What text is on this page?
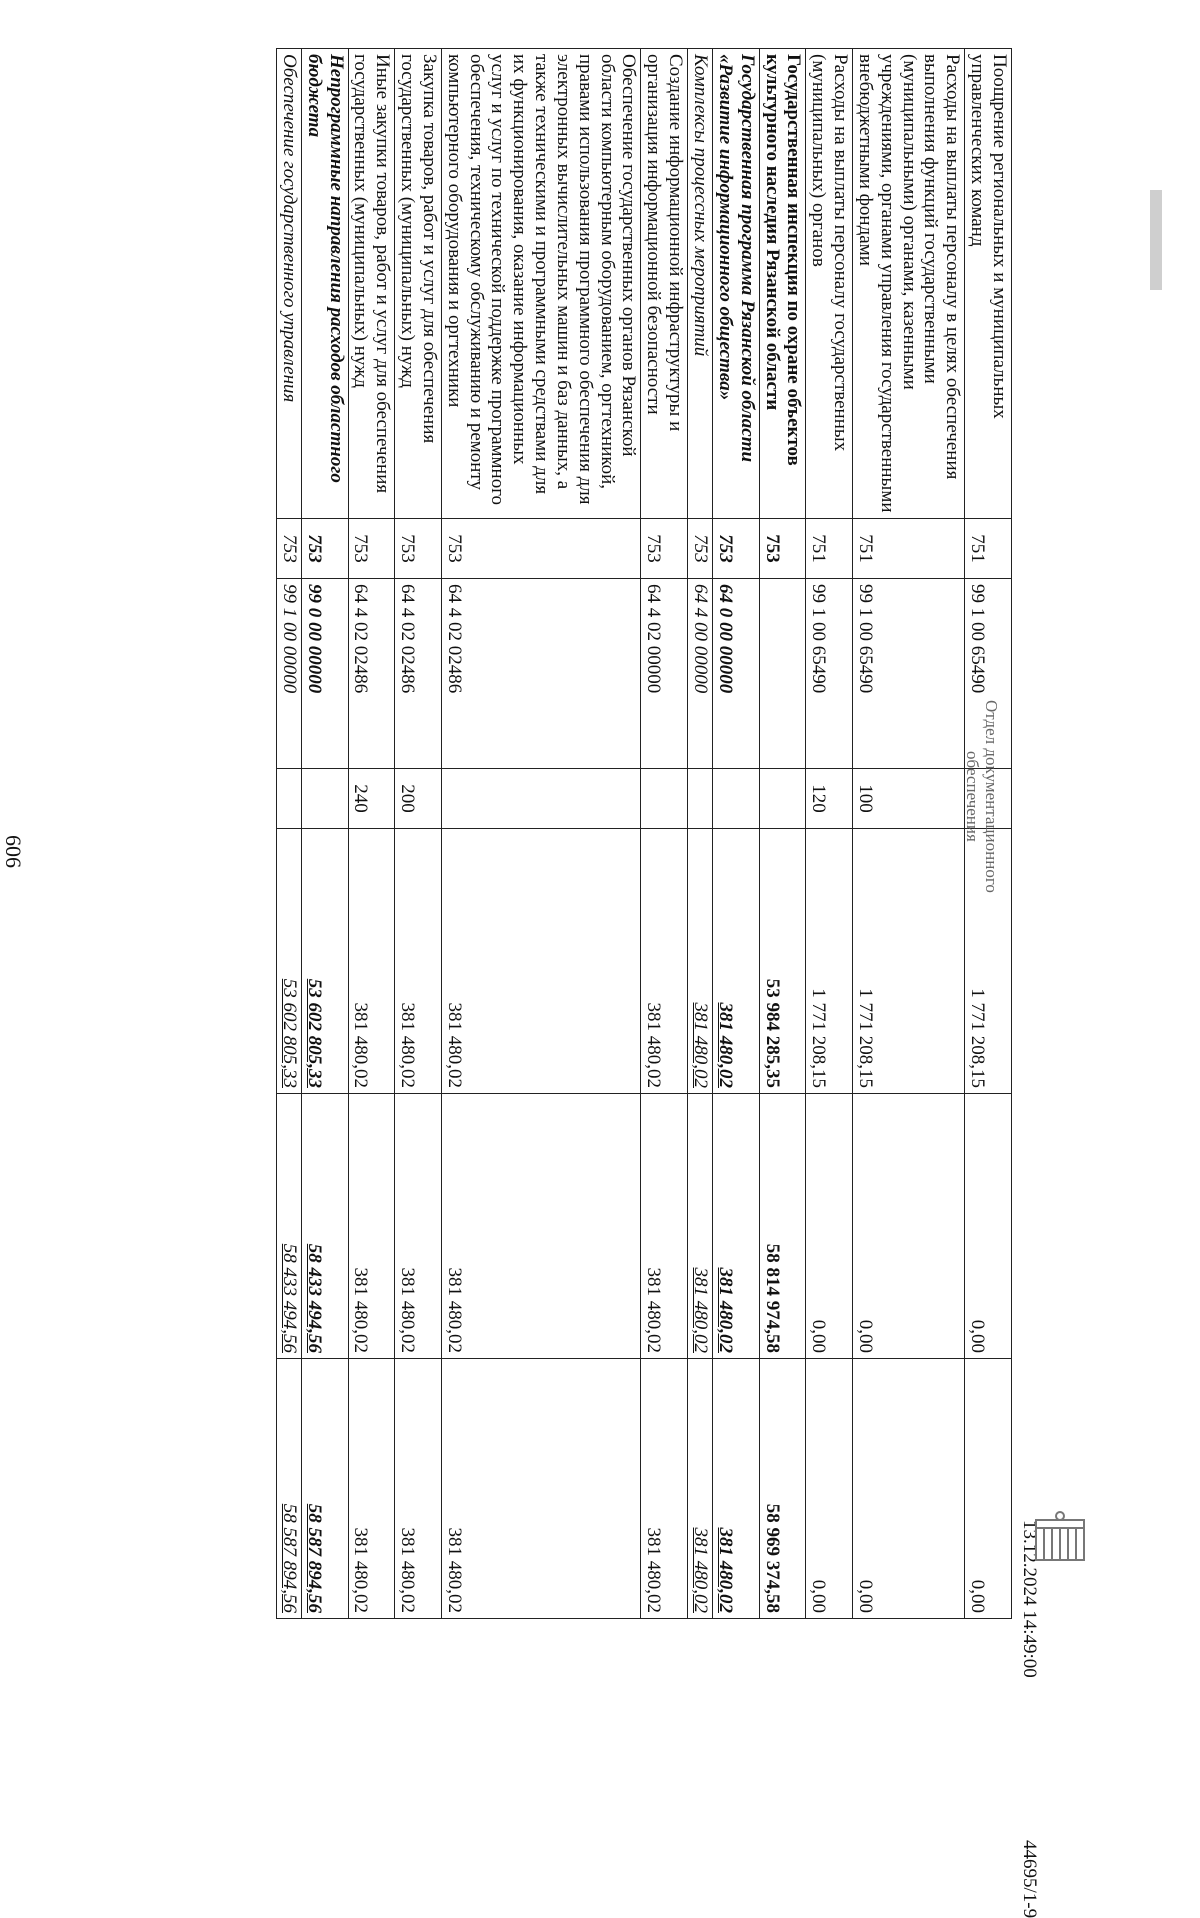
606
Поощрение региональных и муниципальных управленческих команд	751	99 1 00 65490		1 771 208,15	0,00	0,00
Расходы на выплаты персоналу в целях обеспечения выполнения функций государственными (муниципальными) органами, казенными учреждениями, органами управления государственными внебюджетными фондами	751	99 1 00 65490	100	1 771 208,15	0,00	0,00
Расходы на выплаты персоналу государственных (муниципальных) органов	751	99 1 00 65490	120	1 771 208,15	0,00	0,00
Государственная инспекция по охране объектов культурного наследия Рязанской области	753			53 984 285,35	58 814 974,58	58 969 374,58
Государственная программа Рязанской области «Развитие информационного общества»	753	64 0 00 00000		381 480,02	381 480,02	381 480,02
Комплексы процессных мероприятий	753	64 4 00 00000		381 480,02	381 480,02	381 480,02
Создание информационной инфраструктуры и организация информационной безопасности	753	64 4 02 00000		381 480,02	381 480,02	381 480,02
Обеспечение государственных органов Рязанской области компьютерным оборудованием, оргтехникой, правами использования программного обеспечения для электронных вычислительных машин и баз данных, а также техническими и программными средствами для их функционирования, оказание информационных услуг и услуг по технической поддержке программного обеспечения, техническому обслуживанию и ремонту компьютерного оборудования и оргтехники	753	64 4 02 02486		381 480,02	381 480,02	381 480,02
Закупка товаров, работ и услуг для обеспечения государственных (муниципальных) нужд	753	64 4 02 02486	200	381 480,02	381 480,02	381 480,02
Иные закупки товаров, работ и услуг для обеспечения государственных (муниципальных) нужд	753	64 4 02 02486	240	381 480,02	381 480,02	381 480,02
Непрограммные направления расходов областного бюджета	753	99 0 00 00000		53 602 805,33	58 433 494,56	58 587 894,56
Обеспечение государственного управления	753	99 1 00 00000		53 602 805,33	58 433 494,56	58 587 894,56	13.12.2024 14:49:00
44695/1-9
Отдел документационного
обеспечения
